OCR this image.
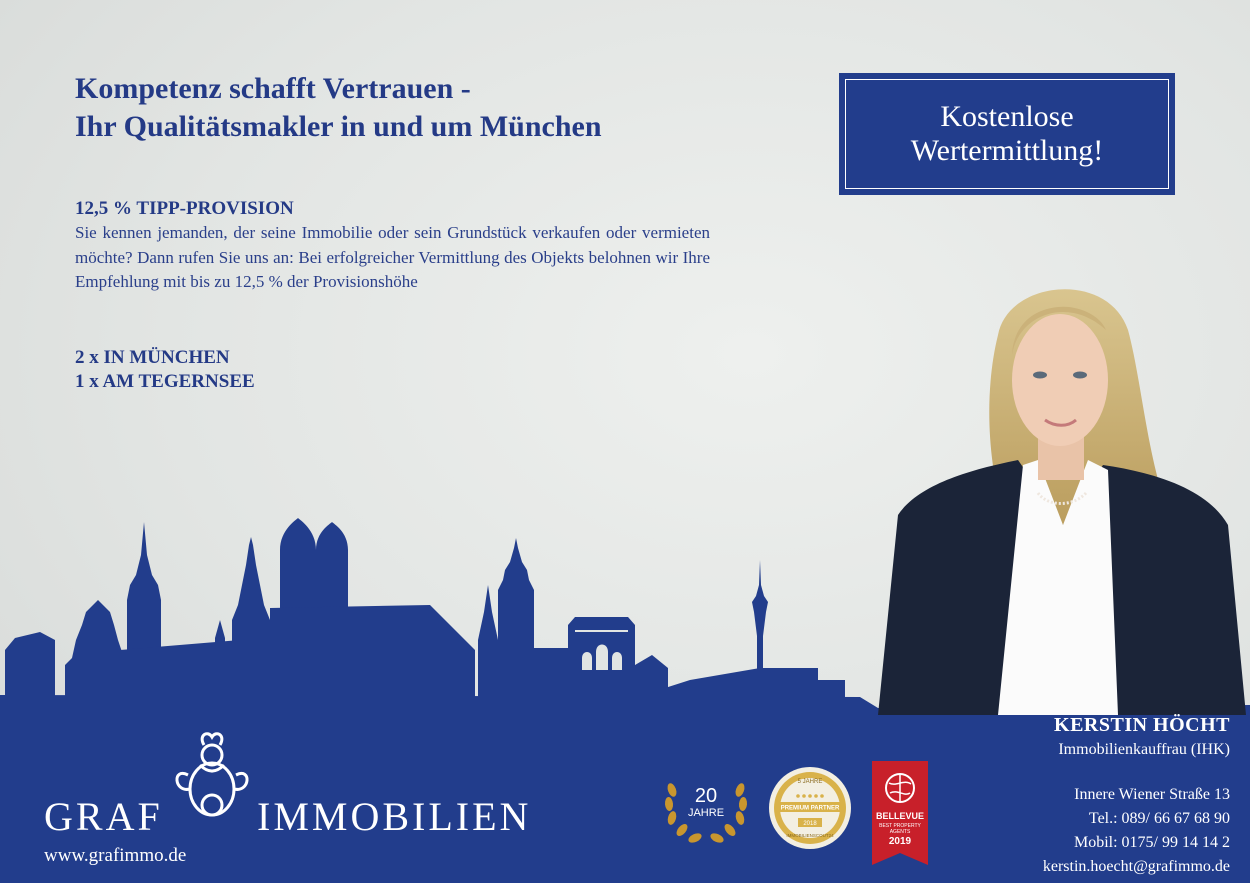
Kompetenz schafft Vertrauen -
Ihr Qualitätsmakler in und um München
12,5 % TIPP-PROVISION

Sie kennen jemanden, der seine Immobilie oder sein Grundstück verkaufen oder vermieten möchte? Dann rufen Sie uns an: Bei erfolgreicher Vermittlung des Objekts belohnen wir Ihre Empfehlung mit bis zu 12,5 % der Provisionshöhe

2 x IN MÜNCHEN
1 x AM TEGERNSEE
Kostenlose
Wertermittlung!
GRAF IMMOBILIEN
www.grafimmo.de
20
JAHRE
5 JAHRE
PREMIUM PARTNER
2018
IMMOBILIENSCOUT24
BELLEVUE
BEST PROPERTY
AGENTS
2019
KERSTIN HÖCHT
Immobilienkauffrau (IHK)
Innere Wiener Straße 13
Tel.: 089/ 66 67 68 90
Mobil: 0175/ 99 14 14 2
kerstin.hoecht@grafimmo.de
